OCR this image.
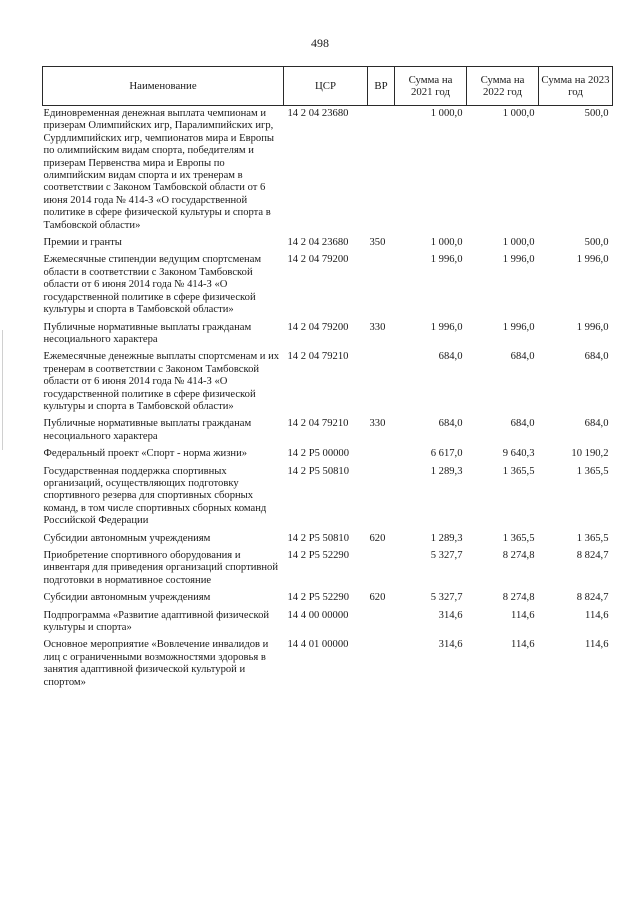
498
Наименование	ЦСР	ВР	Сумма на 2021 год	Сумма на 2022 год	Сумма на 2023 год
Единовременная денежная выплата чемпионам и призерам Олимпийских игр, Паралимпийских игр, Сурдлимпийских игр, чемпионатов мира и Европы по олимпийским видам спорта, победителям и призерам Первенства мира и Европы по олимпийским видам спорта и их тренерам в соответствии с Законом Тамбовской области от 6 июня 2014 года № 414-З «О государственной политике в сфере физической культуры и спорта в Тамбовской области»	14 2 04 23680		1 000,0	1 000,0	500,0
Премии и гранты	14 2 04 23680	350	1 000,0	1 000,0	500,0
Ежемесячные стипендии ведущим спортсменам области в соответствии с Законом Тамбовской области от 6 июня 2014 года № 414-З «О государственной политике в сфере физической культуры и спорта в Тамбовской области»	14 2 04 79200		1 996,0	1 996,0	1 996,0
Публичные нормативные выплаты гражданам несоциального характера	14 2 04 79200	330	1 996,0	1 996,0	1 996,0
Ежемесячные денежные выплаты спортсменам и их тренерам в соответствии с Законом Тамбовской области от 6 июня 2014 года № 414-З «О государственной политике в сфере физической культуры и спорта в Тамбовской области»	14 2 04 79210		684,0	684,0	684,0
Публичные нормативные выплаты гражданам несоциального характера	14 2 04 79210	330	684,0	684,0	684,0
Федеральный проект «Спорт - норма жизни»	14 2 P5 00000		6 617,0	9 640,3	10 190,2
Государственная поддержка спортивных организаций, осуществляющих подготовку спортивного резерва для спортивных сборных команд, в том числе спортивных сборных команд Российской Федерации	14 2 P5 50810		1 289,3	1 365,5	1 365,5
Субсидии автономным учреждениям	14 2 P5 50810	620	1 289,3	1 365,5	1 365,5
Приобретение спортивного оборудования и инвентаря для приведения организаций спортивной подготовки в нормативное состояние	14 2 P5 52290		5 327,7	8 274,8	8 824,7
Субсидии автономным учреждениям	14 2 P5 52290	620	5 327,7	8 274,8	8 824,7
Подпрограмма «Развитие адаптивной физической культуры и спорта»	14 4 00 00000		314,6	114,6	114,6
Основное мероприятие «Вовлечение инвалидов и лиц с ограниченными возможностями здоровья в занятия адаптивной физической культурой и спортом»	14 4 01 00000		314,6	114,6	114,6
